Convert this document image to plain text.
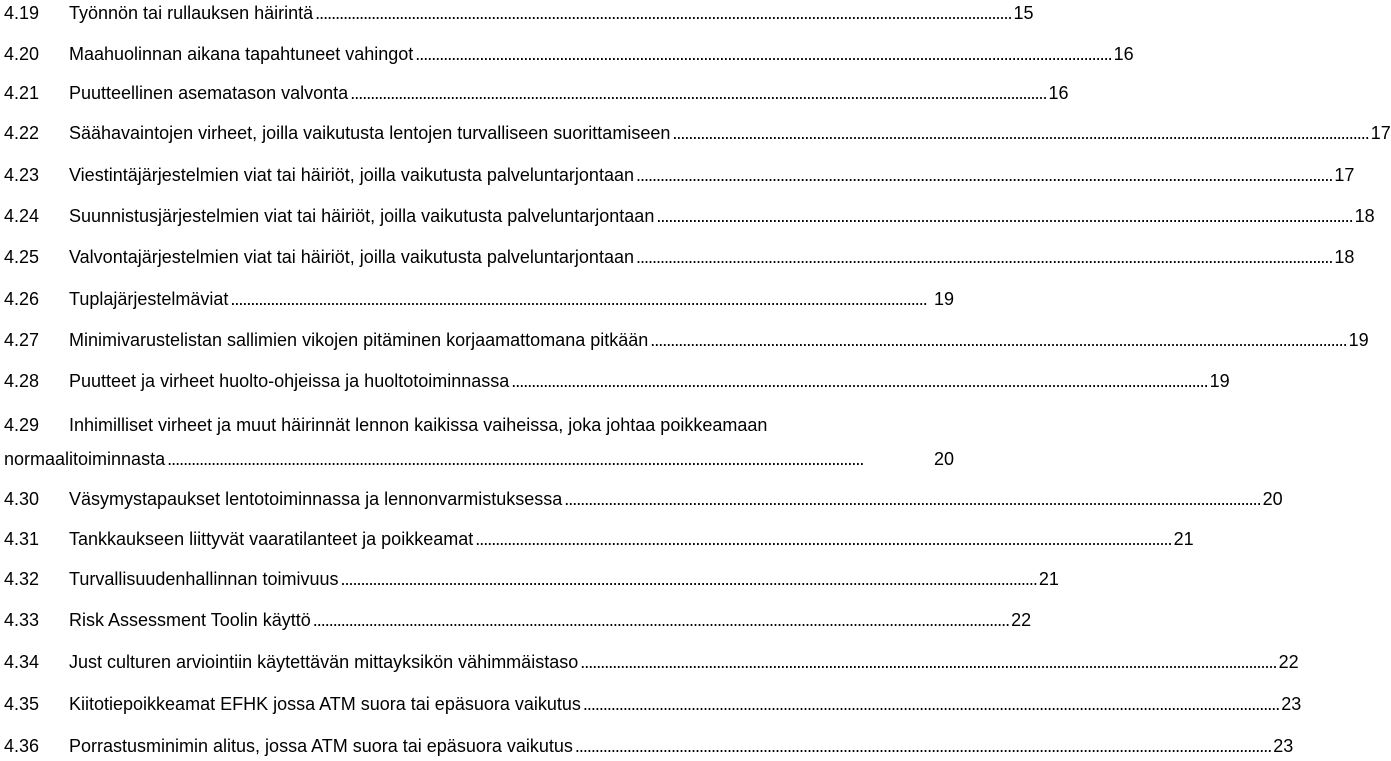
4.19	Työnnön tai rullauksen häirintä . . .	15
4.20	Maahuolinnan aikana tapahtuneet vahingot . . .	16
4.21	Puutteellinen asematason valvonta . . .	16
4.22	Säähavaintojen virheet, joilla vaikutusta lentojen turvalliseen suorittamiseen . . .	17
4.23	Viestintäjärjestelmien viat tai häiriöt, joilla vaikutusta palveluntarjontaan . . .	17
4.24	Suunnistusjärjestelmien viat tai häiriöt, joilla vaikutusta palveluntarjontaan . . .	18
4.25	Valvontajärjestelmien viat tai häiriöt, joilla vaikutusta palveluntarjontaan . . .	18
4.26	Tuplajärjestelmäviat . . .	19
4.27	Minimivarustelistan sallimien vikojen pitäminen korjaamattomana pitkään . . .	19
4.28	Puutteet ja virheet huolto-ohjeissa ja huoltotoiminnassa . . .	19
4.29	Inhimilliset virheet ja muut häirinnät lennon kaikissa vaiheissa, joka johtaa poikkeamaan
normaalitoiminnasta . . .	20
4.30	Väsymystapaukset lentotoiminnassa ja lennonvarmistuksessa . . .	20
4.31	Tankkaukseen liittyvät vaaratilanteet ja poikkeamat . . .	21
4.32	Turvallisuudenhallinnan toimivuus . . .	21
4.33	Risk Assessment Toolin käyttö . . .	22
4.34	Just culturen arviointiin käytettävän mittayksikön vähimmäistaso . . .	22
4.35	Kiitotiepoikkeamat EFHK jossa ATM suora tai epäsuora vaikutus . . .	23
4.36	Porrastusminimin alitus, jossa ATM suora tai epäsuora vaikutus . . .	23
